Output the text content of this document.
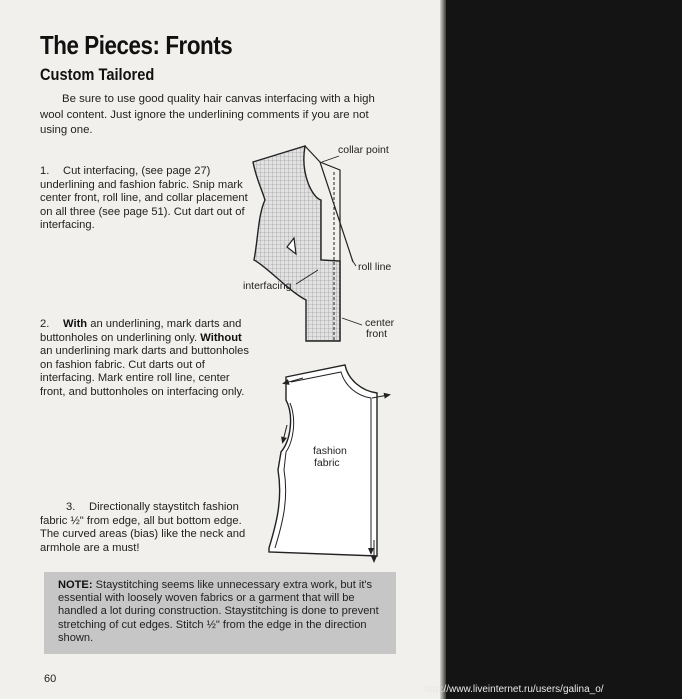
The Pieces: Fronts
Custom Tailored
Be sure to use good quality hair canvas interfacing with a high wool content. Just ignore the underlining comments if you are not using one.
1. Cut interfacing, (see page 27) underlining and fashion fabric. Snip mark center front, roll line, and collar placement on all three (see page 51). Cut dart out of interfacing.
2. With an underlining, mark darts and buttonholes on underlining only. Without an underlining mark darts and buttonholes on fashion fabric. Cut darts out of interfacing. Mark entire roll line, center front, and buttonholes on interfacing only.
3. Directionally staystitch fashion
fabric ½" from edge, all but bottom edge. The curved areas (bias) like the neck and armhole are a must!
collar point
roll line
interfacing
center
front
fashion
fabric
NOTE: Staystitching seems like unnecessary extra work, but it's essential with loosely woven fabrics or a garment that will be handled a lot during construction. Staystitching is done to prevent stretching of cut edges. Stitch ½" from the edge in the direction shown.
60
http://www.liveinternet.ru/users/galina_o/
